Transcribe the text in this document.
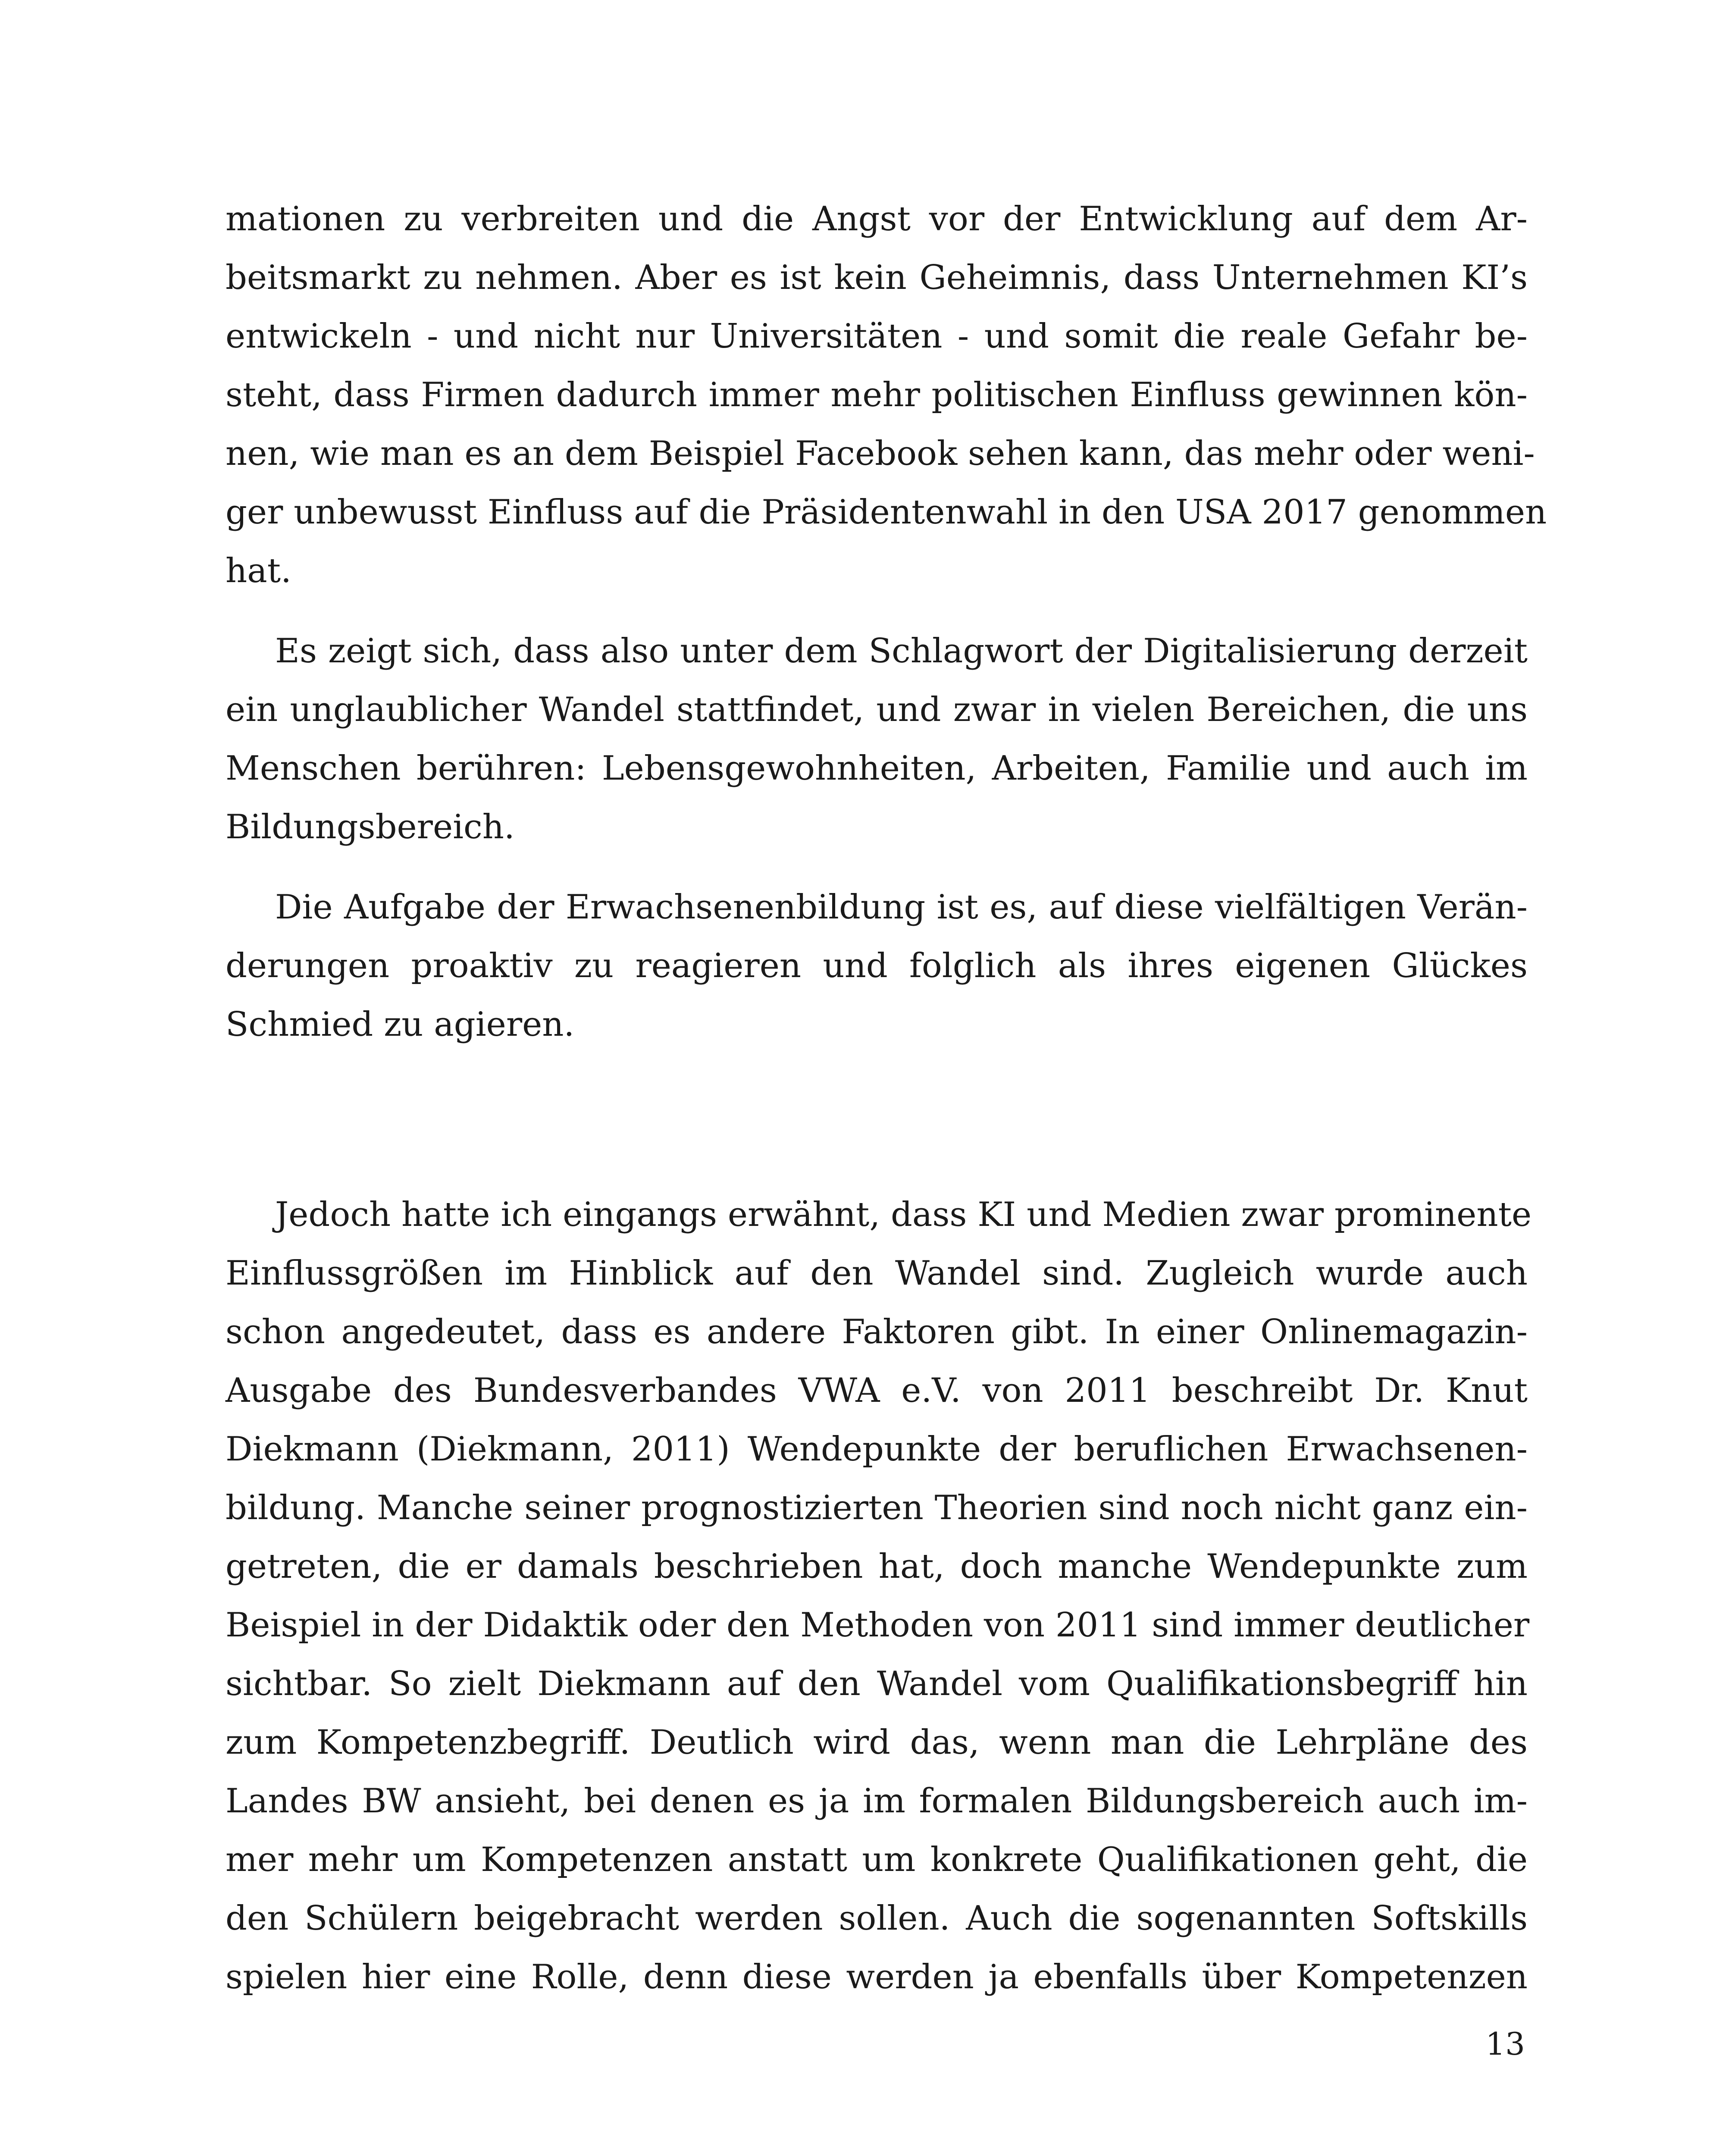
mationen zu verbreiten und die Angst vor der Entwicklung auf dem Ar-
beitsmarkt zu nehmen. Aber es ist kein Geheimnis, dass Unternehmen KI’s
entwickeln - und nicht nur Universitäten - und somit die reale Gefahr be-
steht, dass Firmen dadurch immer mehr politischen Einfluss gewinnen kön-
nen, wie man es an dem Beispiel Facebook sehen kann, das mehr oder weni-
ger unbewusst Einfluss auf die Präsidentenwahl in den USA 2017 genommen
hat.
Es zeigt sich, dass also unter dem Schlagwort der Digitalisierung derzeit
ein unglaublicher Wandel stattfindet, und zwar in vielen Bereichen, die uns
Menschen berühren: Lebensgewohnheiten, Arbeiten, Familie und auch im
Bildungsbereich.
Die Aufgabe der Erwachsenenbildung ist es, auf diese vielfältigen Verän-
derungen proaktiv zu reagieren und folglich als ihres eigenen Glückes
Schmied zu agieren.
Jedoch hatte ich eingangs erwähnt, dass KI und Medien zwar prominente
Einflussgrößen im Hinblick auf den Wandel sind. Zugleich wurde auch
schon angedeutet, dass es andere Faktoren gibt. In einer Onlinemagazin-
Ausgabe des Bundesverbandes VWA e.V. von 2011 beschreibt Dr. Knut
Diekmann (Diekmann, 2011) Wendepunkte der beruflichen Erwachsenen-
bildung. Manche seiner prognostizierten Theorien sind noch nicht ganz ein-
getreten, die er damals beschrieben hat, doch manche Wendepunkte zum
Beispiel in der Didaktik oder den Methoden von 2011 sind immer deutlicher
sichtbar. So zielt Diekmann auf den Wandel vom Qualifikationsbegriff hin
zum Kompetenzbegriff. Deutlich wird das, wenn man die Lehrpläne des
Landes BW ansieht, bei denen es ja im formalen Bildungsbereich auch im-
mer mehr um Kompetenzen anstatt um konkrete Qualifikationen geht, die
den Schülern beigebracht werden sollen. Auch die sogenannten Softskills
spielen hier eine Rolle, denn diese werden ja ebenfalls über Kompetenzen
13
